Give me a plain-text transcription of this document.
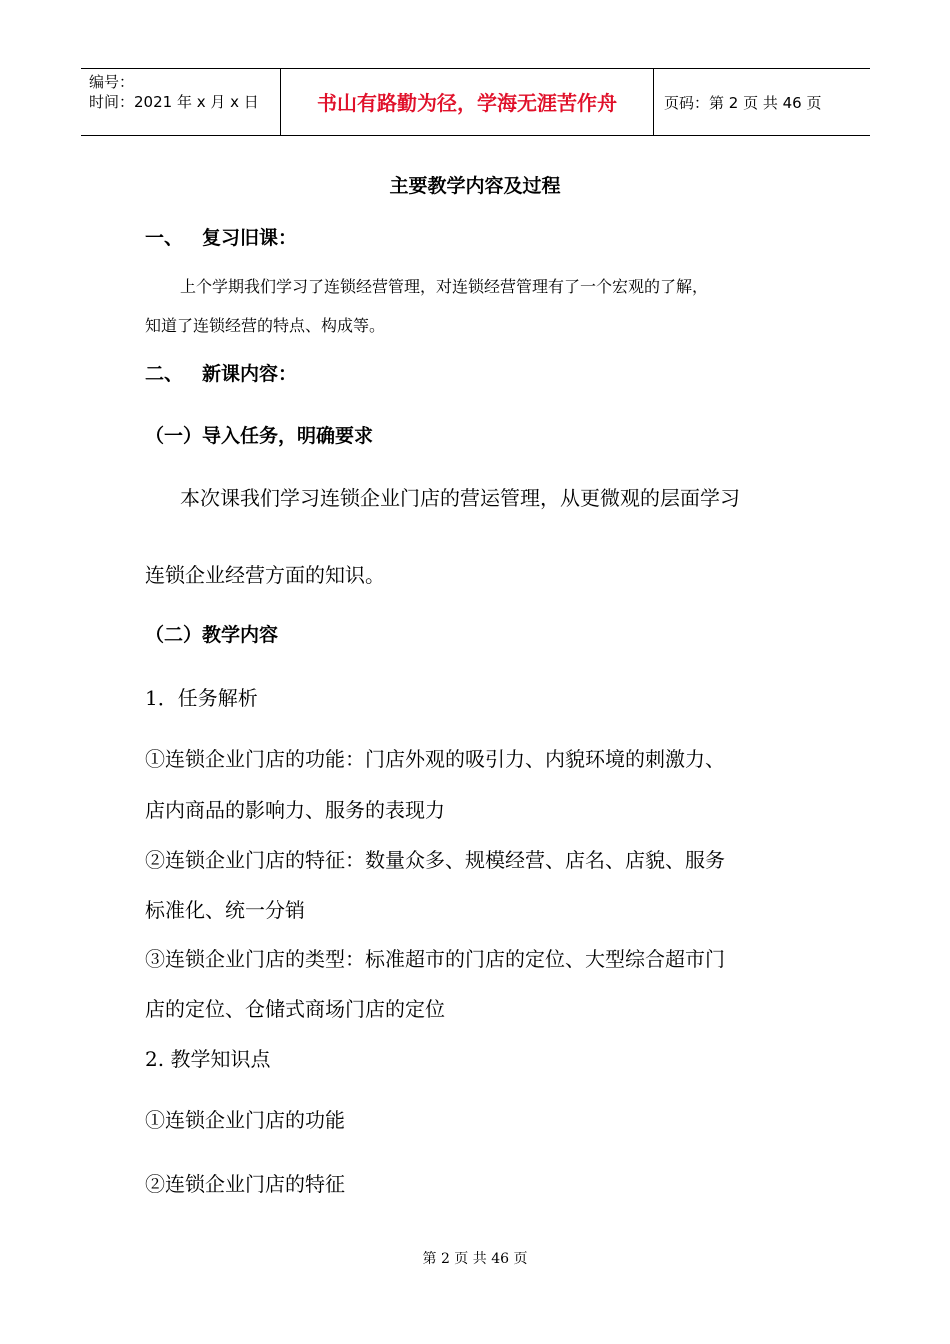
编号：
时间：2021 年 x 月 x 日	书山有路勤为径，学海无涯苦作舟	页码：第 2 页 共 46 页
主要教学内容及过程
一、 复习旧课：
上个学期我们学习了连锁经营管理，对连锁经营管理有了一个宏观的了解，
知道了连锁经营的特点、构成等。
二、 新课内容：
（一）导入任务，明确要求
本次课我们学习连锁企业门店的营运管理，从更微观的层面学习
连锁企业经营方面的知识。
（二）教学内容
1．任务解析
①连锁企业门店的功能：门店外观的吸引力、内貌环境的刺激力、
店内商品的影响力、服务的表现力
②连锁企业门店的特征：数量众多、规模经营、店名、店貌、服务
标准化、统一分销
③连锁企业门店的类型：标准超市的门店的定位、大型综合超市门
店的定位、仓储式商场门店的定位
2. 教学知识点
①连锁企业门店的功能
②连锁企业门店的特征
第 2 页 共 46 页
